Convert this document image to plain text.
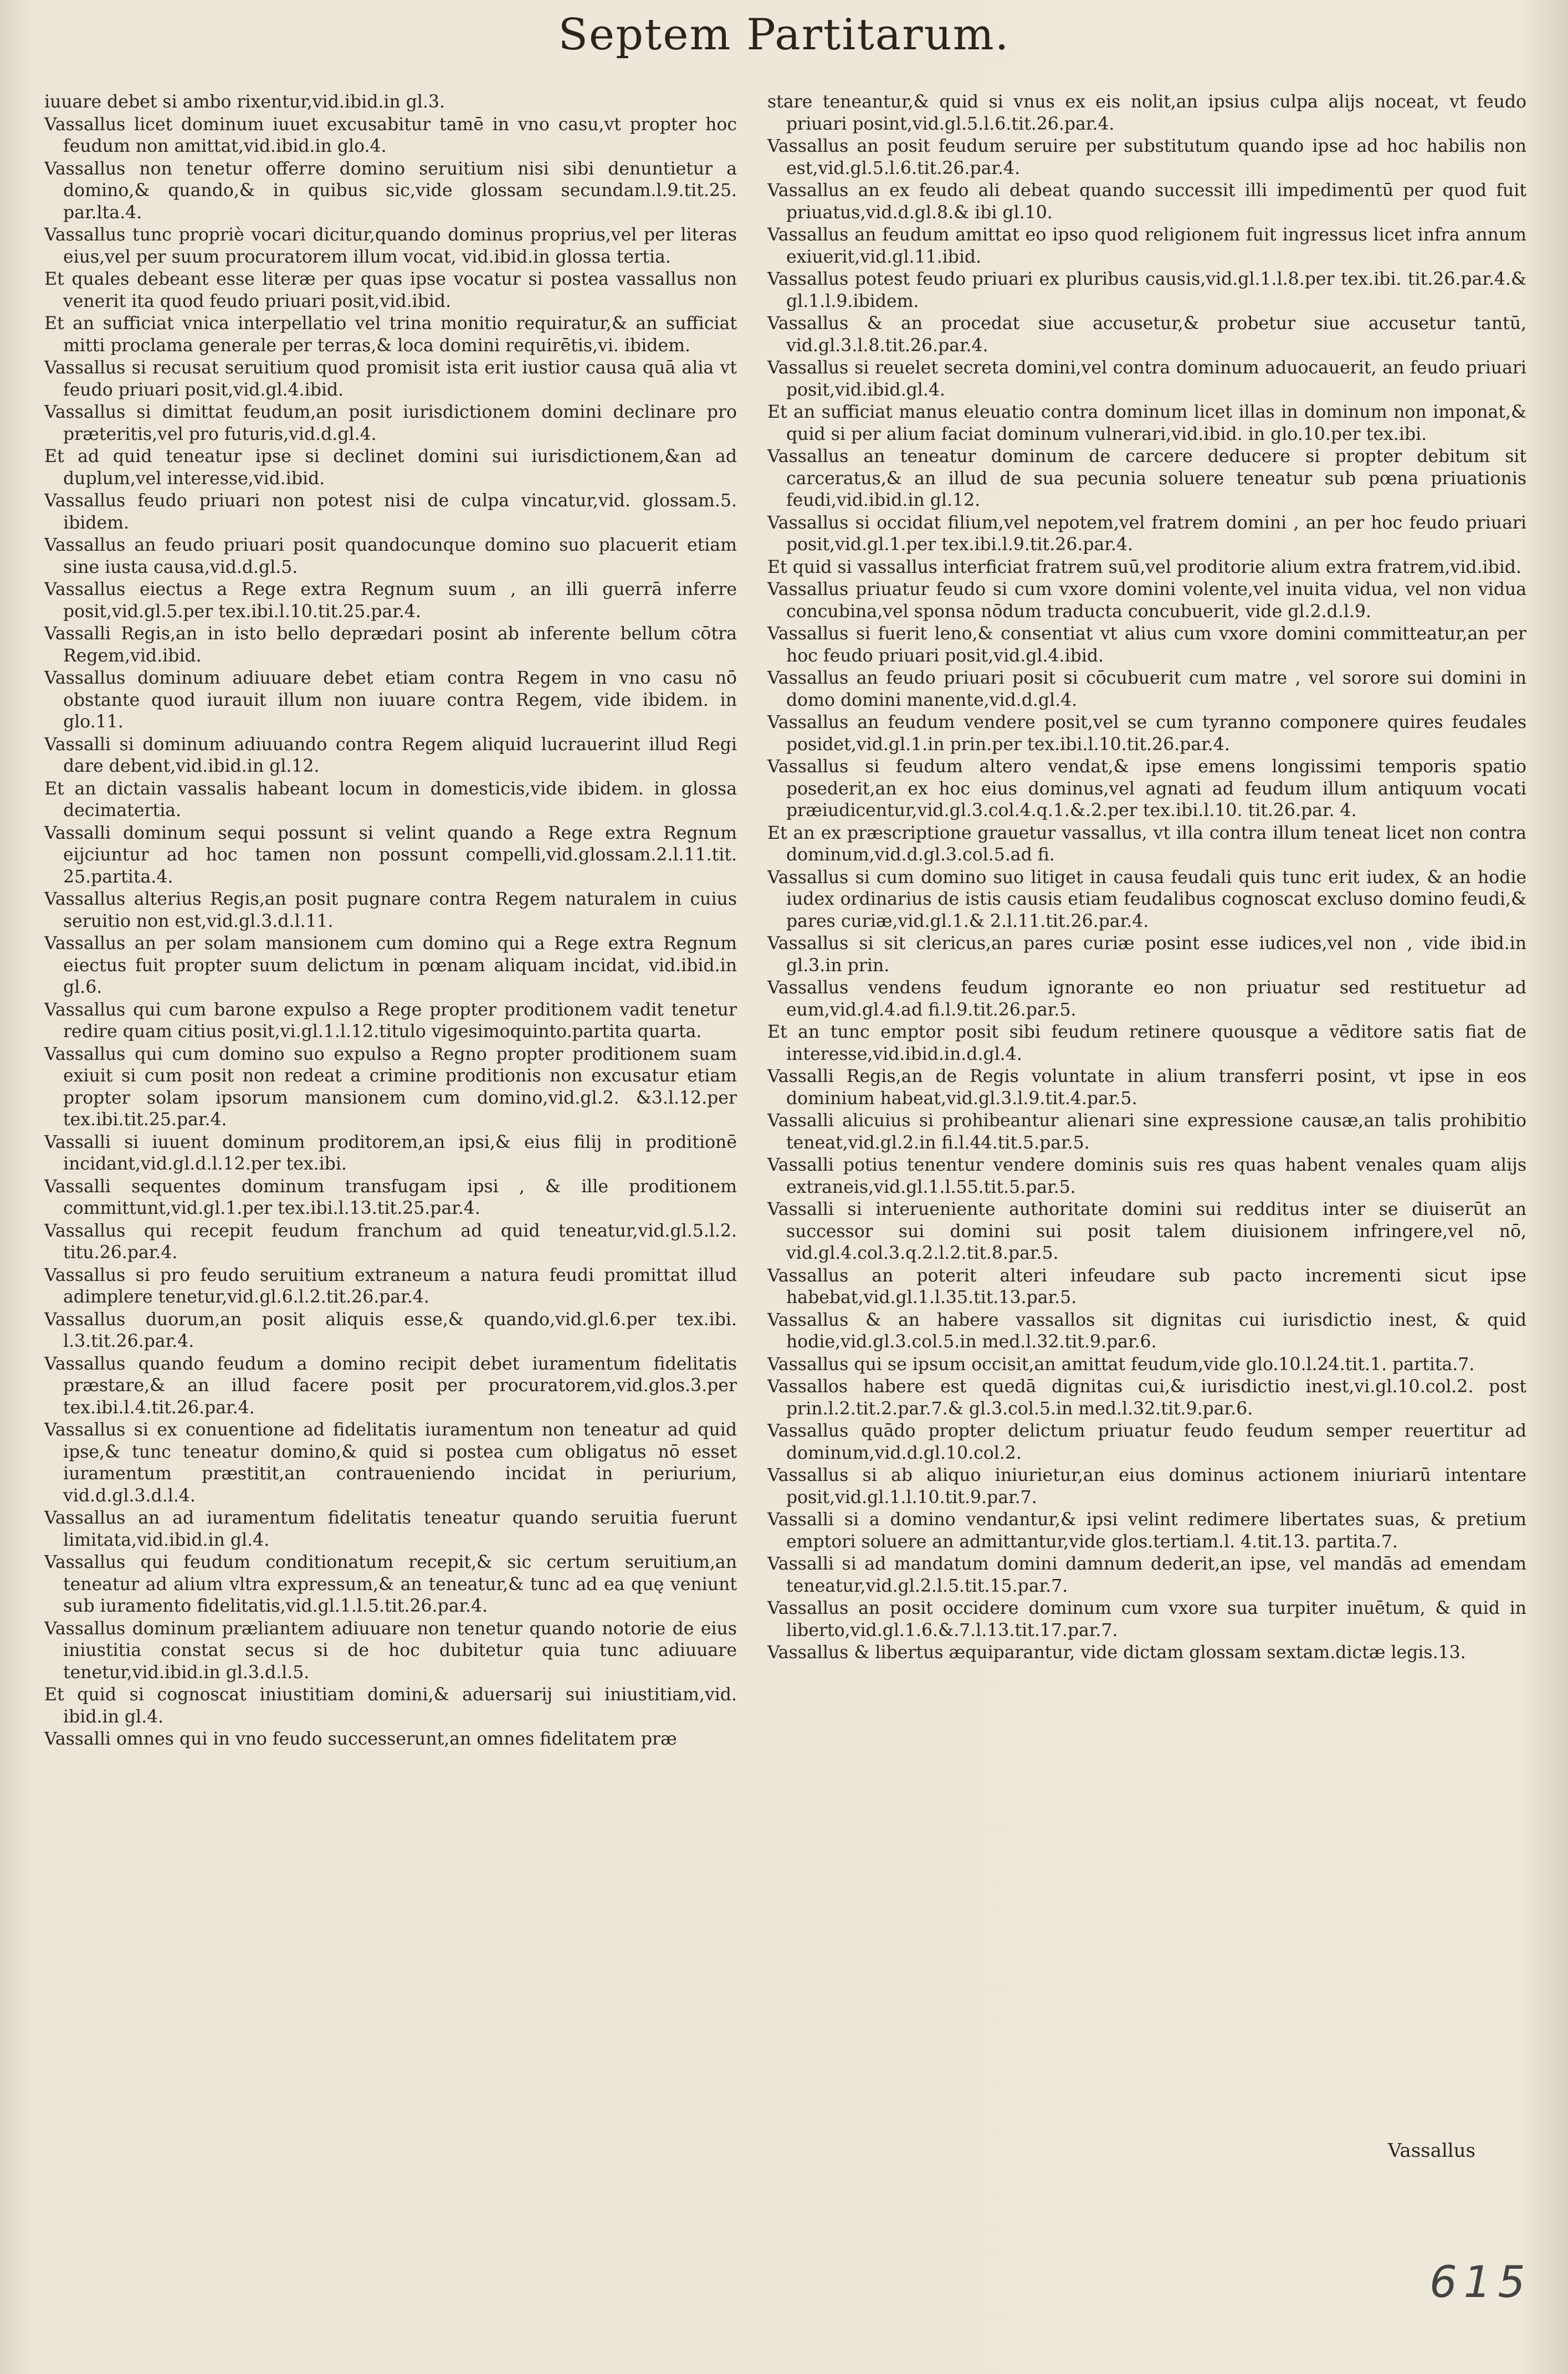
Septem Partitarum.

iuuare debet si ambo rixentur,vid.ibid.in gl.3.

Vassallus licet dominum iuuet excusabitur tamē in vno casu,vt propter hoc feudum non amittat,vid.ibid.in glo.4.

Vassallus non tenetur offerre domino seruitium nisi sibi denuntietur a domino,& quando,& in quibus sic,vide glossam secundam.l.9.tit.25. par.lta.4.

Vassallus tunc propriè vocari dicitur,quando dominus proprius,vel per literas eius,vel per suum procuratorem illum vocat, vid.ibid.in glossa tertia.

Et quales debeant esse literæ per quas ipse vocatur si postea vassallus non venerit ita quod feudo priuari posit,vid.ibid.

Et an sufficiat vnica interpellatio vel trina monitio requiratur,& an sufficiat mitti proclama generale per terras,& loca domini requirētis,vi. ibidem.

Vassallus si recusat seruitium quod promisit ista erit iustior causa quā alia vt feudo priuari posit,vid.gl.4.ibid.

Vassallus si dimittat feudum,an posit iurisdictionem domini declinare pro præteritis,vel pro futuris,vid.d.gl.4.

Et ad quid teneatur ipse si declinet domini sui iurisdictionem,&an ad duplum,vel interesse,vid.ibid.

Vassallus feudo priuari non potest nisi de culpa vincatur,vid. glossam.5. ibidem.

Vassallus an feudo priuari posit quandocunque domino suo placuerit etiam sine iusta causa,vid.d.gl.5.

Vassallus eiectus a Rege extra Regnum suum , an illi guerrā inferre posit,vid.gl.5.per tex.ibi.l.10.tit.25.par.4.

Vassalli Regis,an in isto bello deprædari posint ab inferente bellum cōtra Regem,vid.ibid.

Vassallus dominum adiuuare debet etiam contra Regem in vno casu nō obstante quod iurauit illum non iuuare contra Regem, vide ibidem. in glo.11.

Vassalli si dominum adiuuando contra Regem aliquid lucrauerint illud Regi dare debent,vid.ibid.in gl.12.

Et an dictain vassalis habeant locum in domesticis,vide ibidem. in glossa decimatertia.

Vassalli dominum sequi possunt si velint quando a Rege extra Regnum eijciuntur ad hoc tamen non possunt compelli,vid.glossam.2.l.11.tit. 25.partita.4.

Vassallus alterius Regis,an posit pugnare contra Regem naturalem in cuius seruitio non est,vid.gl.3.d.l.11.

Vassallus an per solam mansionem cum domino qui a Rege extra Regnum eiectus fuit propter suum delictum in pœnam aliquam incidat, vid.ibid.in gl.6.

Vassallus qui cum barone expulso a Rege propter proditionem vadit tenetur redire quam citius posit,vi.gl.1.l.12.titulo vigesimoquinto.partita quarta.

Vassallus qui cum domino suo expulso a Regno propter proditionem suam exiuit si cum posit non redeat a crimine proditionis non excusatur etiam propter solam ipsorum mansionem cum domino,vid.gl.2. &3.l.12.per tex.ibi.tit.25.par.4.

Vassalli si iuuent dominum proditorem,an ipsi,& eius filij in proditionē incidant,vid.gl.d.l.12.per tex.ibi.

Vassalli sequentes dominum transfugam ipsi , & ille proditionem committunt,vid.gl.1.per tex.ibi.l.13.tit.25.par.4.

Vassallus qui recepit feudum franchum ad quid teneatur,vid.gl.5.l.2. titu.26.par.4.

Vassallus si pro feudo seruitium extraneum a natura feudi promittat illud adimplere tenetur,vid.gl.6.l.2.tit.26.par.4.

Vassallus duorum,an posit aliquis esse,& quando,vid.gl.6.per tex.ibi. l.3.tit.26.par.4.

Vassallus quando feudum a domino recipit debet iuramentum fidelitatis præstare,& an illud facere posit per procuratorem,vid.glos.3.per tex.ibi.l.4.tit.26.par.4.

Vassallus si ex conuentione ad fidelitatis iuramentum non teneatur ad quid ipse,& tunc teneatur domino,& quid si postea cum obligatus nō esset iuramentum præstitit,an contraueniendo incidat in periurium, vid.d.gl.3.d.l.4.

Vassallus an ad iuramentum fidelitatis teneatur quando seruitia fuerunt limitata,vid.ibid.in gl.4.

Vassallus qui feudum conditionatum recepit,& sic certum seruitium,an teneatur ad alium vltra expressum,& an teneatur,& tunc ad ea quę veniunt sub iuramento fidelitatis,vid.gl.1.l.5.tit.26.par.4.

Vassallus dominum præliantem adiuuare non tenetur quando notorie de eius iniustitia constat secus si de hoc dubitetur quia tunc adiuuare tenetur,vid.ibid.in gl.3.d.l.5.

Et quid si cognoscat iniustitiam domini,& aduersarij sui iniustitiam,vid. ibid.in gl.4.

Vassalli omnes qui in vno feudo successerunt,an omnes fidelitatem præ

stare teneantur,& quid si vnus ex eis nolit,an ipsius culpa alijs noceat, vt feudo priuari posint,vid.gl.5.l.6.tit.26.par.4.

Vassallus an posit feudum seruire per substitutum quando ipse ad hoc habilis non est,vid.gl.5.l.6.tit.26.par.4.

Vassallus an ex feudo ali debeat quando successit illi impedimentū per quod fuit priuatus,vid.d.gl.8.& ibi gl.10.

Vassallus an feudum amittat eo ipso quod religionem fuit ingressus licet infra annum exiuerit,vid.gl.11.ibid.

Vassallus potest feudo priuari ex pluribus causis,vid.gl.1.l.8.per tex.ibi. tit.26.par.4.& gl.1.l.9.ibidem.

Vassallus & an procedat siue accusetur,& probetur siue accusetur tantū, vid.gl.3.l.8.tit.26.par.4.

Vassallus si reuelet secreta domini,vel contra dominum aduocauerit, an feudo priuari posit,vid.ibid.gl.4.

Et an sufficiat manus eleuatio contra dominum licet illas in dominum non imponat,& quid si per alium faciat dominum vulnerari,vid.ibid. in glo.10.per tex.ibi.

Vassallus an teneatur dominum de carcere deducere si propter debitum sit carceratus,& an illud de sua pecunia soluere teneatur sub pœna priuationis feudi,vid.ibid.in gl.12.

Vassallus si occidat filium,vel nepotem,vel fratrem domini , an per hoc feudo priuari posit,vid.gl.1.per tex.ibi.l.9.tit.26.par.4.

Et quid si vassallus interficiat fratrem suū,vel proditorie alium extra fratrem,vid.ibid.

Vassallus priuatur feudo si cum vxore domini volente,vel inuita vidua, vel non vidua concubina,vel sponsa nōdum traducta concubuerit, vide gl.2.d.l.9.

Vassallus si fuerit leno,& consentiat vt alius cum vxore domini committeatur,an per hoc feudo priuari posit,vid.gl.4.ibid.

Vassallus an feudo priuari posit si cōcubuerit cum matre , vel sorore sui domini in domo domini manente,vid.d.gl.4.

Vassallus an feudum vendere posit,vel se cum tyranno componere quires feudales posidet,vid.gl.1.in prin.per tex.ibi.l.10.tit.26.par.4.

Vassallus si feudum altero vendat,& ipse emens longissimi temporis spatio posederit,an ex hoc eius dominus,vel agnati ad feudum illum antiquum vocati præiudicentur,vid.gl.3.col.4.q.1.&.2.per tex.ibi.l.10. tit.26.par. 4.

Et an ex præscriptione grauetur vassallus, vt illa contra illum teneat licet non contra dominum,vid.d.gl.3.col.5.ad fi.

Vassallus si cum domino suo litiget in causa feudali quis tunc erit iudex, & an hodie iudex ordinarius de istis causis etiam feudalibus cognoscat excluso domino feudi,& pares curiæ,vid.gl.1.& 2.l.11.tit.26.par.4.

Vassallus si sit clericus,an pares curiæ posint esse iudices,vel non , vide ibid.in gl.3.in prin.

Vassallus vendens feudum ignorante eo non priuatur sed restituetur ad eum,vid.gl.4.ad fi.l.9.tit.26.par.5.

Et an tunc emptor posit sibi feudum retinere quousque a vēditore satis fiat de interesse,vid.ibid.in.d.gl.4.

Vassalli Regis,an de Regis voluntate in alium transferri posint, vt ipse in eos dominium habeat,vid.gl.3.l.9.tit.4.par.5.

Vassalli alicuius si prohibeantur alienari sine expressione causæ,an talis prohibitio teneat,vid.gl.2.in fi.l.44.tit.5.par.5.

Vassalli potius tenentur vendere dominis suis res quas habent venales quam alijs extraneis,vid.gl.1.l.55.tit.5.par.5.

Vassalli si interueniente authoritate domini sui redditus inter se diuiserūt an successor sui domini sui posit talem diuisionem infringere,vel nō, vid.gl.4.col.3.q.2.l.2.tit.8.par.5.

Vassallus an poterit alteri infeudare sub pacto incrementi sicut ipse habebat,vid.gl.1.l.35.tit.13.par.5.

Vassallus & an habere vassallos sit dignitas cui iurisdictio inest, & quid hodie,vid.gl.3.col.5.in med.l.32.tit.9.par.6.

Vassallus qui se ipsum occisit,an amittat feudum,vide glo.10.l.24.tit.1. partita.7.

Vassallos habere est quedā dignitas cui,& iurisdictio inest,vi.gl.10.col.2. post prin.l.2.tit.2.par.7.& gl.3.col.5.in med.l.32.tit.9.par.6.

Vassallus quādo propter delictum priuatur feudo feudum semper reuertitur ad dominum,vid.d.gl.10.col.2.

Vassallus si ab aliquo iniurietur,an eius dominus actionem iniuriarū intentare posit,vid.gl.1.l.10.tit.9.par.7.

Vassalli si a domino vendantur,& ipsi velint redimere libertates suas, & pretium emptori soluere an admittantur,vide glos.tertiam.l. 4.tit.13. partita.7.

Vassalli si ad mandatum domini damnum dederit,an ipse, vel mandās ad emendam teneatur,vid.gl.2.l.5.tit.15.par.7.

Vassallus an posit occidere dominum cum vxore sua turpiter inuētum, & quid in liberto,vid.gl.1.6.&.7.l.13.tit.17.par.7.

Vassallus & libertus æquiparantur, vide dictam glossam sextam.dictæ legis.13.

Vassallus
615
